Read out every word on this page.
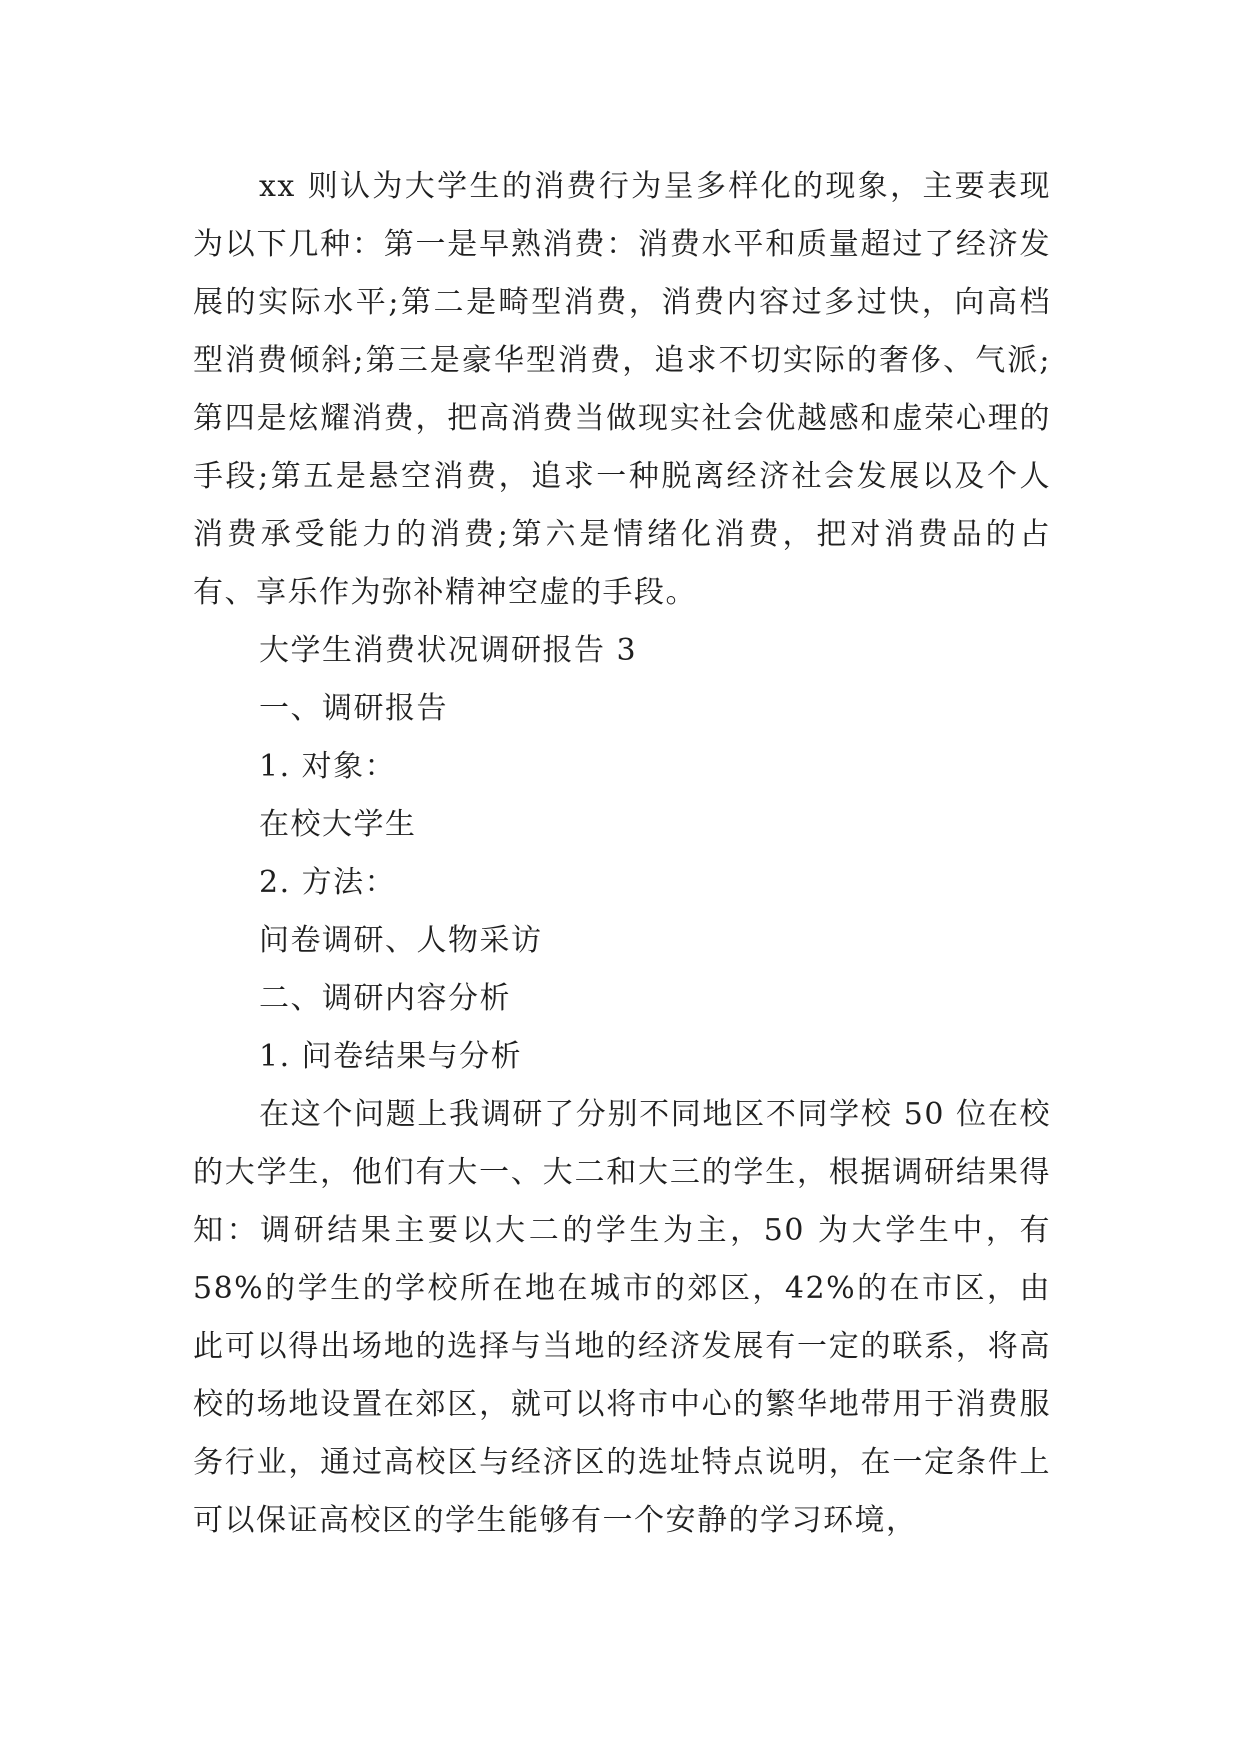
xx 则认为大学生的消费行为呈多样化的现象，主要表现为以下几种：第一是早熟消费：消费水平和质量超过了经济发展的实际水平;第二是畸型消费，消费内容过多过快，向高档型消费倾斜;第三是豪华型消费，追求不切实际的奢侈、气派;第四是炫耀消费，把高消费当做现实社会优越感和虚荣心理的手段;第五是悬空消费，追求一种脱离经济社会发展以及个人消费承受能力的消费;第六是情绪化消费，把对消费品的占有、享乐作为弥补精神空虚的手段。

大学生消费状况调研报告 3

一、调研报告

1. 对象：

在校大学生

2. 方法：

问卷调研、人物采访

二、调研内容分析

1. 问卷结果与分析

在这个问题上我调研了分别不同地区不同学校 50 位在校的大学生，他们有大一、大二和大三的学生，根据调研结果得知：调研结果主要以大二的学生为主，50 为大学生中，有 58%的学生的学校所在地在城市的郊区，42%的在市区，由此可以得出场地的选择与当地的经济发展有一定的联系，将高校的场地设置在郊区，就可以将市中心的繁华地带用于消费服务行业，通过高校区与经济区的选址特点说明，在一定条件上可以保证高校区的学生能够有一个安静的学习环境，
